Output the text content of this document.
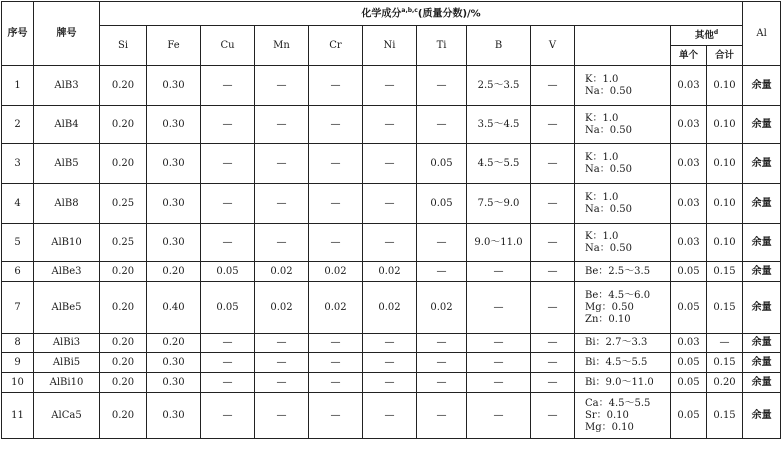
序号	牌号	化学成分$^{a,b,c}$(质量分数)/%												Al
		Si	Fe	Cu	Mn	Cr	Ni	Ti	B	V		其他$^d$
												单个	合计	
1	AlB3	0.20	0.30	—	—	—	—	—	2.5～3.5	—	K：1.0
Na：0.50	0.03	0.10	余量
2	AlB4	0.20	0.30	—	—	—	—	—	3.5～4.5	—	K：1.0
Na：0.50	0.03	0.10	余量
3	AlB5	0.20	0.30	—	—	—	—	0.05	4.5～5.5	—	K：1.0
Na：0.50	0.03	0.10	余量
4	AlB8	0.25	0.30	—	—	—	—	0.05	7.5～9.0	—	K：1.0
Na：0.50	0.03	0.10	余量
5	AlB10	0.25	0.30	—	—	—	—	—	9.0～11.0	—	K：1.0
Na：0.50	0.03	0.10	余量
6	AlBe3	0.20	0.20	0.05	0.02	0.02	0.02	—	—	—	Be：2.5～3.5	0.05	0.15	余量
7	AlBe5	0.20	0.40	0.05	0.02	0.02	0.02	0.02	—	—	Be：4.5～6.0
Mg：0.50
Zn：0.10	0.05	0.15	余量
8	AlBi3	0.20	0.20	—	—	—	—	—	—	—	Bi：2.7～3.3	0.03	—	余量
9	AlBi5	0.20	0.30	—	—	—	—	—	—	—	Bi：4.5～5.5	0.05	0.15	余量
10	AlBi10	0.20	0.30	—	—	—	—	—	—	—	Bi：9.0～11.0	0.05	0.20	余量
11	AlCa5	0.20	0.30	—	—	—	—	—	—	—	Ca：4.5～5.5
Sr：0.10
Mg：0.10	0.05	0.15	余量
